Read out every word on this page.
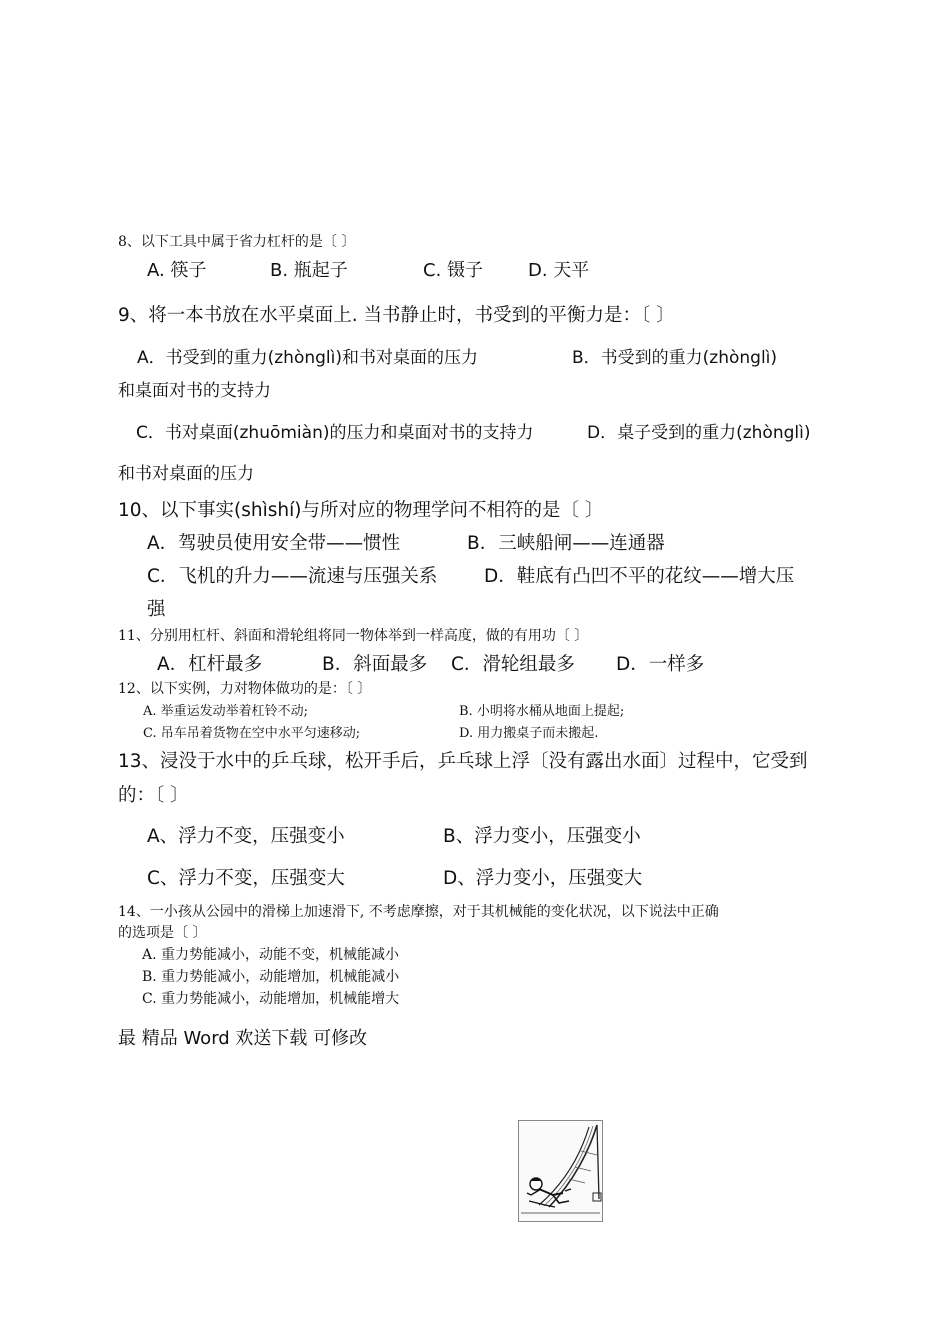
8、以下工具中属于省力杠杆的是〔 〕
A. 筷子	B. 瓶起子	C. 镊子 D. 天平
9、将一本书放在水平桌面上. 当书静止时，书受到的平衡力是：〔 〕
A．书受到的重力(zhònglì)和书对桌面的压力	B．书受到的重力(zhònglì)
和桌面对书的支持力
C．书对桌面(zhuōmiàn)的压力和桌面对书的支持力	D．桌子受到的重力(zhònglì)
和书对桌面的压力
10、以下事实(shìshí)与所对应的物理学问不相符的是〔 〕
A．驾驶员使用安全带——惯性	B．三峡船闸——连通器
C．飞机的升力——流速与压强关系	D．鞋底有凸凹不平的花纹——增大压
强
11、分别用杠杆、斜面和滑轮组将同一物体举到一样高度，做的有用功〔 〕
A．杠杆最多	B．斜面最多 C．滑轮组最多 D．一样多
12、以下实例，力对物体做功的是：〔 〕
A. 举重运发动举着杠铃不动;	B. 小明将水桶从地面上提起;
C. 吊车吊着货物在空中水平匀速移动;	D. 用力搬桌子而未搬起.
13、浸没于水中的乒乓球，松开手后，乒乓球上浮〔没有露出水面〕过程中，它受到
的：〔 〕
A、浮力不变，压强变小	B、浮力变小，压强变小
C、浮力不变，压强变大	D、浮力变小，压强变大
14、一小孩从公园中的滑梯上加速滑下, 不考虑摩擦，对于其机械能的变化状况，以下说法中正确
的选项是〔 〕
A. 重力势能减小，动能不变，机械能减小
B. 重力势能减小，动能增加，机械能减小
C. 重力势能减小，动能增加，机械能增大
最 精品 Word 欢送下载 可修改
